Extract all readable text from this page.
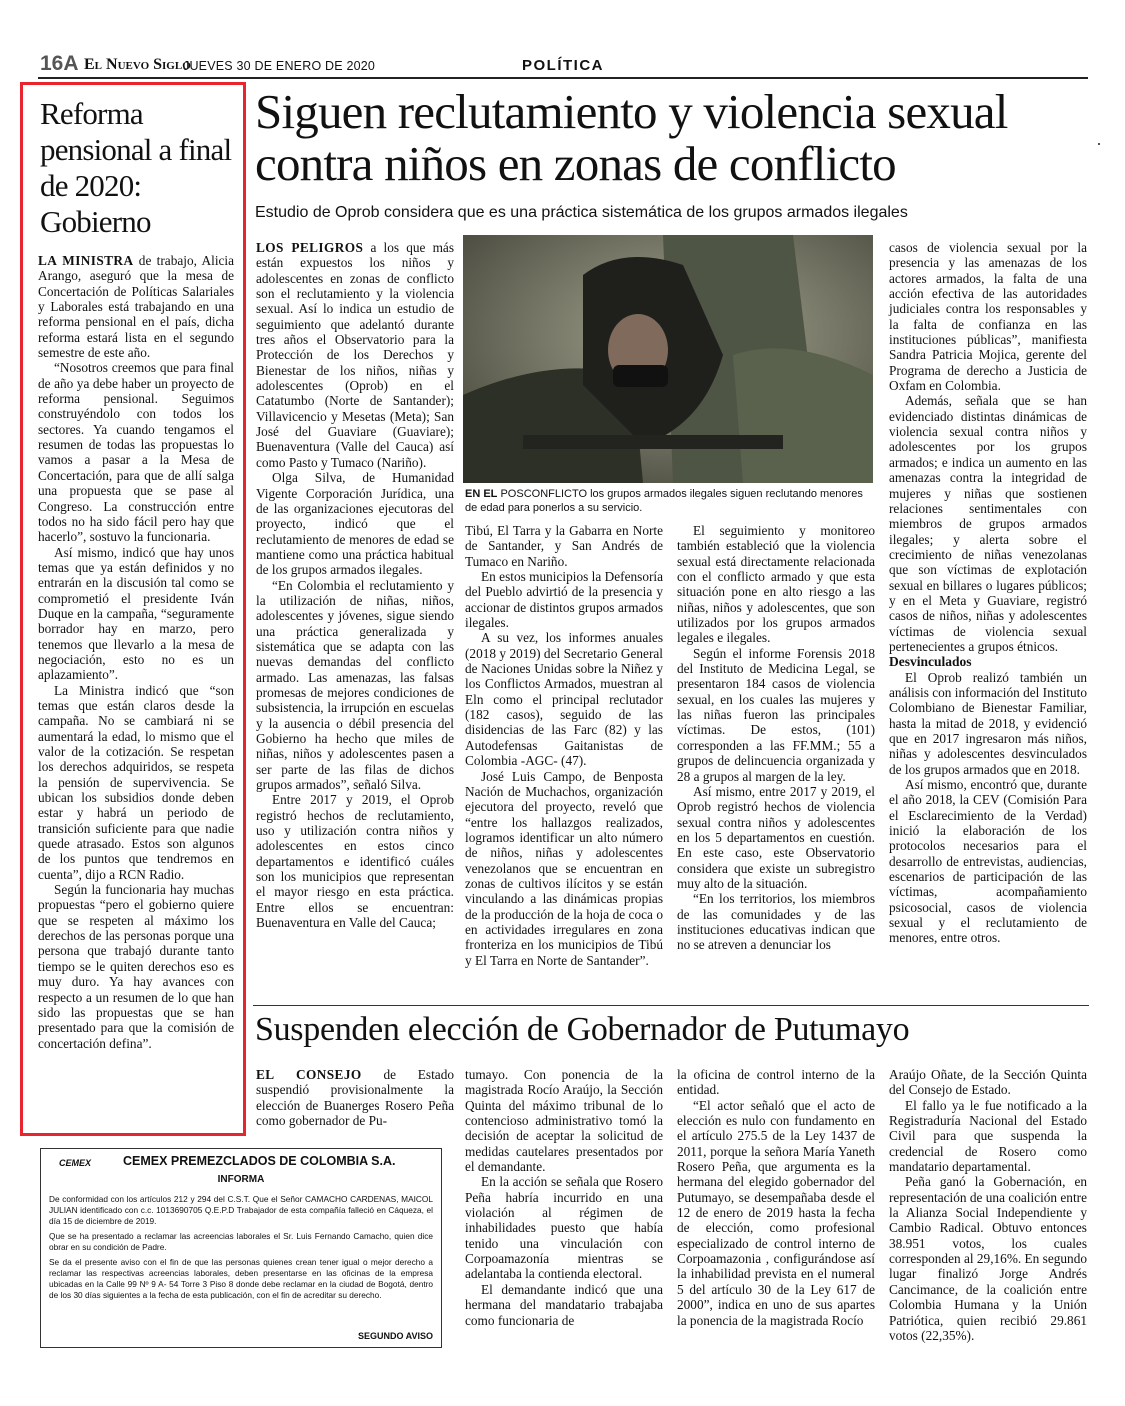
16A El Nuevo Siglo
JUEVES 30 DE ENERO DE 2020	POLÍTICA
Reforma pensional a final de 2020: Gobierno

LA MINISTRA de trabajo, Alicia Arango, aseguró que la mesa de Concertación de Políticas Salariales y Laborales está trabajando en una reforma pensional en el país, dicha reforma estará lista en el segundo semestre de este año.

“Nosotros creemos que para final de año ya debe haber un proyecto de reforma pensional. Seguimos construyéndolo con todos los sectores. Ya cuando tengamos el resumen de todas las propuestas lo vamos a pasar a la Mesa de Concertación, para que de allí salga una propuesta que se pase al Congreso. La construcción entre todos no ha sido fácil pero hay que hacerlo”, sostuvo la funcionaria.

Así mismo, indicó que hay unos temas que ya están definidos y no entrarán en la discusión tal como se comprometió el presidente Iván Duque en la campaña, “seguramente borrador hay en marzo, pero tenemos que llevarlo a la mesa de negociación, esto no es un aplazamiento”.

La Ministra indicó que “son temas que están claros desde la campaña. No se cambiará ni se aumentará la edad, lo mismo que el valor de la cotización. Se respetan los derechos adquiridos, se respeta la pensión de supervivencia. Se ubican los subsidios donde deben estar y habrá un periodo de transición suficiente para que nadie quede atrasado. Estos son algunos de los puntos que tendremos en cuenta”, dijo a RCN Radio.

Según la funcionaria hay muchas propuestas “pero el gobierno quiere que se respeten al máximo los derechos de las personas porque una persona que trabajó durante tanto tiempo se le quiten derechos eso es muy duro. Ya hay avances con respecto a un resumen de lo que han sido las propuestas que se han presentado para que la comisión de concertación defina”.

Siguen reclutamiento y violencia sexual contra niños en zonas de conflicto
Estudio de Oprob considera que es una práctica sistemática de los grupos armados ilegales

LOS PELIGROS a los que más están expuestos los niños y adolescentes en zonas de conflicto son el reclutamiento y la violencia sexual. Así lo indica un estudio de seguimiento que adelantó durante tres años el Observatorio para la Protección de los Derechos y Bienestar de los niños, niñas y adolescentes (Oprob) en el Catatumbo (Norte de Santander); Villavicencio y Mesetas (Meta); San José del Guaviare (Guaviare); Buenaventura (Valle del Cauca) así como Pasto y Tumaco (Nariño).

Olga Silva, de Humanidad Vigente Corporación Jurídica, una de las organizaciones ejecutoras del proyecto, indicó que el reclutamiento de menores de edad se mantiene como una práctica habitual de los grupos armados ilegales.

“En Colombia el reclutamiento y la utilización de niñas, niños, adolescentes y jóvenes, sigue siendo una práctica generalizada y sistemática que se adapta con las nuevas demandas del conflicto armado. Las amenazas, las falsas promesas de mejores condiciones de subsistencia, la irrupción en escuelas y la ausencia o débil presencia del Gobierno ha hecho que miles de niñas, niños y adolescentes pasen a ser parte de las filas de dichos grupos armados”, señaló Silva.

Entre 2017 y 2019, el Oprob registró hechos de reclutamiento, uso y utilización contra niños y adolescentes en estos cinco departamentos e identificó cuáles son los municipios que representan el mayor riesgo en esta práctica. Entre ellos se encuentran: Buenaventura en Valle del Cauca;

EN EL POSCONFLICTO los grupos armados ilegales siguen reclutando menores de edad para ponerlos a su servicio.

Tibú, El Tarra y la Gabarra en Norte de Santander, y San Andrés de Tumaco en Nariño.

En estos municipios la Defensoría del Pueblo advirtió de la presencia y accionar de distintos grupos armados ilegales.

A su vez, los informes anuales (2018 y 2019) del Secretario General de Naciones Unidas sobre la Niñez y los Conflictos Armados, muestran al Eln como el principal reclutador (182 casos), seguido de las disidencias de las Farc (82) y las Autodefensas Gaitanistas de Colombia -AGC- (47).

José Luis Campo, de Benposta Nación de Muchachos, organización ejecutora del proyecto, reveló que “entre los hallazgos realizados, logramos identificar un alto número de niños, niñas y adolescentes venezolanos que se encuentran en zonas de cultivos ilícitos y se están vinculando a las dinámicas propias de la producción de la hoja de coca o en actividades irregulares en zona fronteriza en los municipios de Tibú y El Tarra en Norte de Santander”.

El seguimiento y monitoreo también estableció que la violencia sexual está directamente relacionada con el conflicto armado y que esta situación pone en alto riesgo a las niñas, niños y adolescentes, que son utilizados por los grupos armados legales e ilegales.

Según el informe Forensis 2018 del Instituto de Medicina Legal, se presentaron 184 casos de violencia sexual, en los cuales las mujeres y las niñas fueron las principales víctimas. De estos, (101) corresponden a las FF.MM.; 55 a grupos de delincuencia organizada y 28 a grupos al margen de la ley.

Así mismo, entre 2017 y 2019, el Oprob registró hechos de violencia sexual contra niños y adolescentes en los 5 departamentos en cuestión. En este caso, este Observatorio considera que existe un subregistro muy alto de la situación.

“En los territorios, los miembros de las comunidades y de las instituciones educativas indican que no se atreven a denunciar los

casos de violencia sexual por la presencia y las amenazas de los actores armados, la falta de una acción efectiva de las autoridades judiciales contra los responsables y la falta de confianza en las instituciones públicas”, manifiesta Sandra Patricia Mojica, gerente del Programa de derecho a Justicia de Oxfam en Colombia.

Además, señala que se han evidenciado distintas dinámicas de violencia sexual contra niños y adolescentes por los grupos armados; e indica un aumento en las amenazas contra la integridad de mujeres y niñas que sostienen relaciones sentimentales con miembros de grupos armados ilegales; y alerta sobre el crecimiento de niñas venezolanas que son víctimas de explotación sexual en billares o lugares públicos; y en el Meta y Guaviare, registró casos de niños, niñas y adolescentes víctimas de violencia sexual pertenecientes a grupos étnicos.

Desvinculados

El Oprob realizó también un análisis con información del Instituto Colombiano de Bienestar Familiar, hasta la mitad de 2018, y evidenció que en 2017 ingresaron más niños, niñas y adolescentes desvinculados de los grupos armados que en 2018.

Así mismo, encontró que, durante el año 2018, la CEV (Comisión Para el Esclarecimiento de la Verdad) inició la elaboración de los protocolos necesarios para el desarrollo de entrevistas, audiencias, escenarios de participación de las víctimas, acompañamiento psicosocial, casos de violencia sexual y el reclutamiento de menores, entre otros.

Suspenden elección de Gobernador de Putumayo

EL CONSEJO de Estado suspendió provisionalmente la elección de Buanerges Rosero Peña como gobernador de Pu-

tumayo. Con ponencia de la magistrada Rocío Araújo, la Sección Quinta del máximo tribunal de lo contencioso administrativo tomó la decisión de aceptar la solicitud de medidas cautelares presentados por el demandante.

En la acción se señala que Rosero Peña habría incurrido en una violación al régimen de inhabilidades puesto que había tenido una vinculación con Corpoamazonía mientras se adelantaba la contienda electoral.

El demandante indicó que una hermana del mandatario trabajaba como funcionaria de

la oficina de control interno de la entidad.

“El actor señaló que el acto de elección es nulo con fundamento en el artículo 275.5 de la Ley 1437 de 2011, porque la señora María Yaneth Rosero Peña, que argumenta es la hermana del elegido gobernador del Putumayo, se desempañaba desde el 12 de enero de 2019 hasta la fecha de elección, como profesional especializado de control interno de Corpoamazonia , configurándose así la inhabilidad prevista en el numeral 5 del artículo 30 de la Ley 617 de 2000”, indica en uno de sus apartes la ponencia de la magistrada Rocío

Araújo Oñate, de la Sección Quinta del Consejo de Estado.

El fallo ya le fue notificado a la Registraduría Nacional del Estado Civil para que suspenda la credencial de Rosero como mandatario departamental.

Peña ganó la Gobernación, en representación de una coalición entre la Alianza Social Independiente y Cambio Radical. Obtuvo entonces 38.951 votos, los cuales corresponden al 29,16%. En segundo lugar finalizó Jorge Andrés Cancimance, de la coalición entre Colombia Humana y la Unión Patriótica, quien recibió 29.861 votos (22,35%).

CEMEX	CEMEX PREMEZCLADOS DE COLOMBIA S.A.
INFORMA

De conformidad con los artículos 212 y 294 del C.S.T. Que el Señor CAMACHO CARDENAS, MAICOL JULIAN identificado con c.c. 1013690705 Q.E.P.D Trabajador de esta compañía falleció en Cáqueza, el día 15 de diciembre de 2019.

Que se ha presentado a reclamar las acreencias laborales el Sr. Luis Fernando Camacho, quien dice obrar en su condición de Padre.

Se da el presente aviso con el fin de que las personas quienes crean tener igual o mejor derecho a reclamar las respectivas acreencias laborales, deben presentarse en las oficinas de la empresa ubicadas en la Calle 99 Nº 9 A- 54 Torre 3 Piso 8 donde debe reclamar en la ciudad de Bogotá, dentro de los 30 días siguientes a la fecha de esta publicación, con el fin de acreditar su derecho.

SEGUNDO AVISO
